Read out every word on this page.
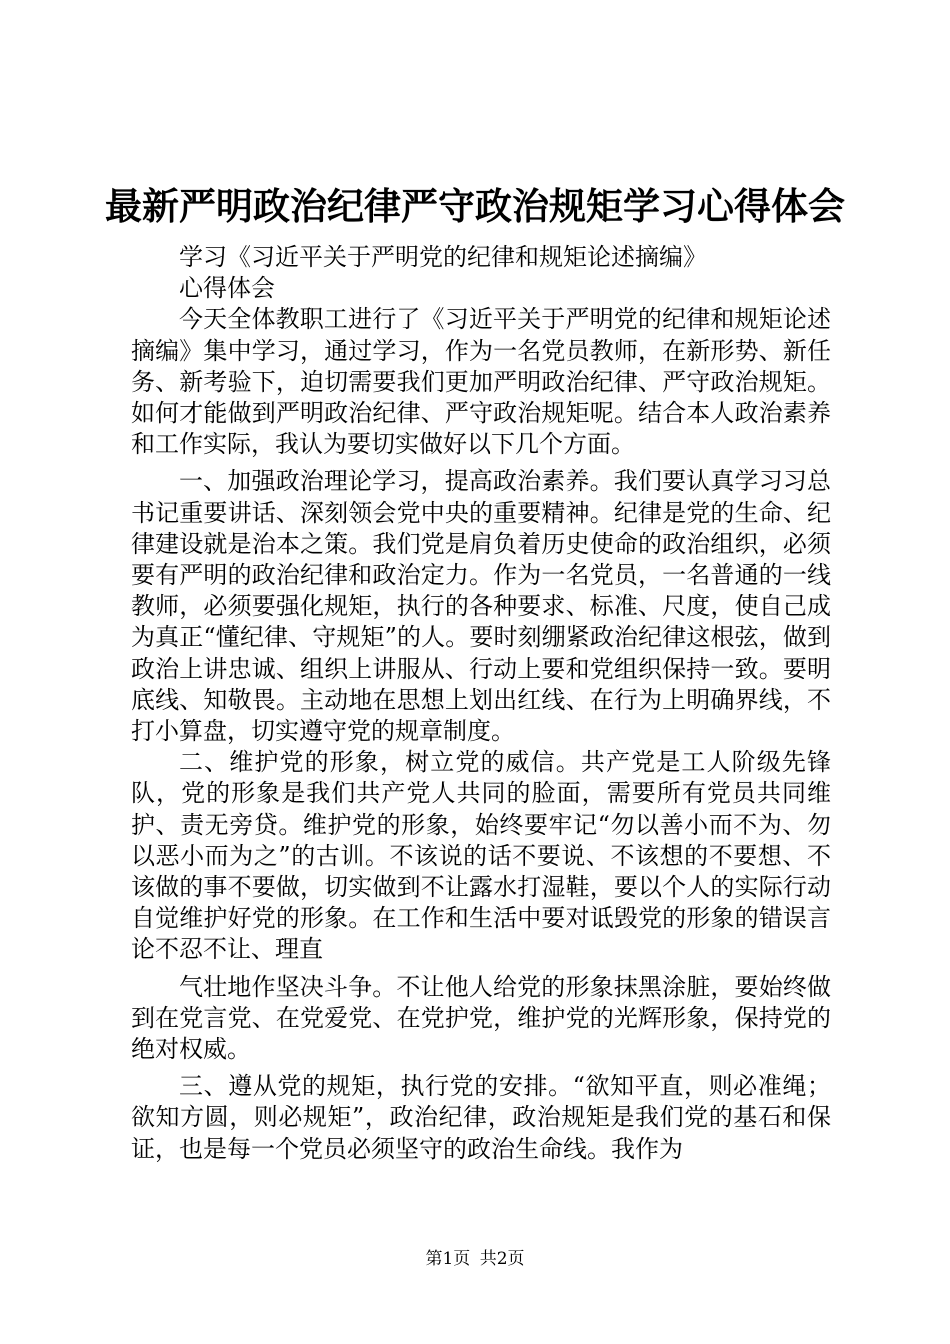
最新严明政治纪律严守政治规矩学习心得体会

学习《习近平关于严明党的纪律和规矩论述摘编》

心得体会

今天全体教职工进行了《习近平关于严明党的纪律和规矩论述摘编》集中学习，通过学习，作为一名党员教师，在新形势、新任务、新考验下，迫切需要我们更加严明政治纪律、严守政治规矩。如何才能做到严明政治纪律、严守政治规矩呢。结合本人政治素养和工作实际，我认为要切实做好以下几个方面。

一、加强政治理论学习，提高政治素养。我们要认真学习习总书记重要讲话、深刻领会党中央的重要精神。纪律是党的生命、纪律建设就是治本之策。我们党是肩负着历史使命的政治组织，必须要有严明的政治纪律和政治定力。作为一名党员，一名普通的一线教师，必须要强化规矩，执行的各种要求、标准、尺度，使自己成为真正“懂纪律、守规矩”的人。要时刻绷紧政治纪律这根弦，做到政治上讲忠诚、组织上讲服从、行动上要和党组织保持一致。要明底线、知敬畏。主动地在思想上划出红线、在行为上明确界线，不打小算盘，切实遵守党的规章制度。

二、维护党的形象，树立党的威信。共产党是工人阶级先锋队，党的形象是我们共产党人共同的脸面，需要所有党员共同维护、责无旁贷。维护党的形象，始终要牢记“勿以善小而不为、勿以恶小而为之”的古训。不该说的话不要说、不该想的不要想、不该做的事不要做，切实做到不让露水打湿鞋，要以个人的实际行动自觉维护好党的形象。在工作和生活中要对诋毁党的形象的错误言论不忍不让、理直

气壮地作坚决斗争。不让他人给党的形象抹黑涂脏，要始终做到在党言党、在党爱党、在党护党，维护党的光辉形象，保持党的绝对权威。

三、遵从党的规矩，执行党的安排。“欲知平直，则必准绳；欲知方圆，则必规矩”，政治纪律，政治规矩是我们党的基石和保证，也是每一个党员必须坚守的政治生命线。我作为

第1页 共2页
